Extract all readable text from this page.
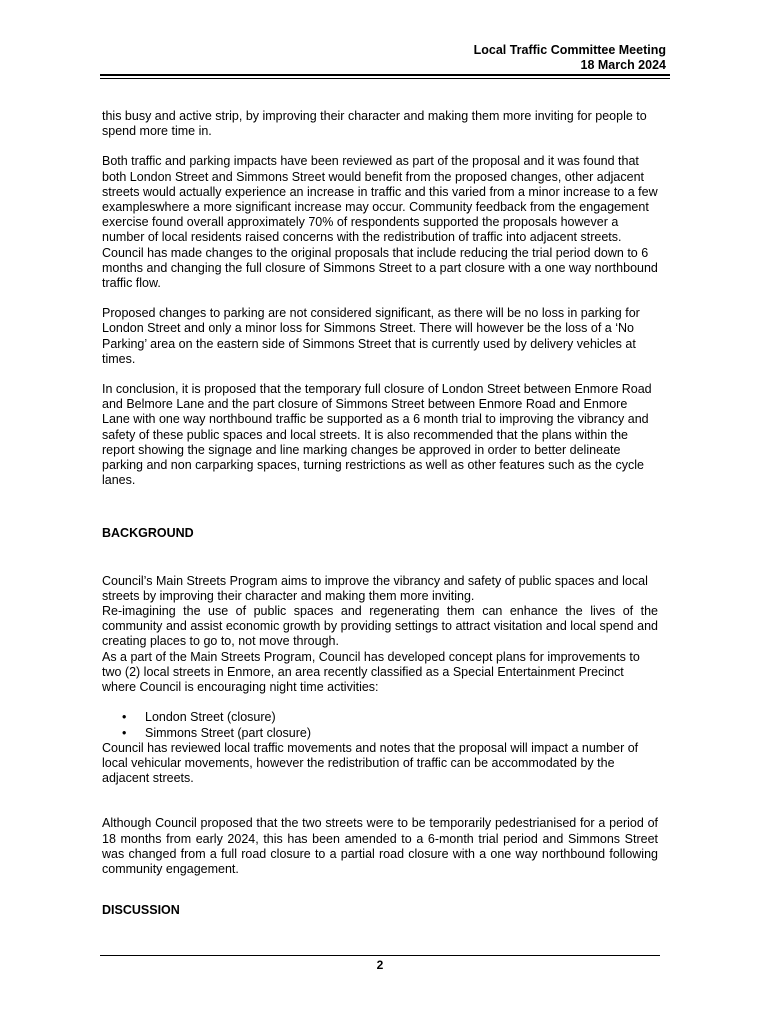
Local Traffic Committee Meeting
18 March 2024

this busy and active strip, by improving their character and making them more inviting for people to spend more time in.

Both traffic and parking impacts have been reviewed as part of the proposal and it was found that both London Street and Simmons Street would benefit from the proposed changes, other adjacent streets would actually experience an increase in traffic and this varied from a minor increase to a few exampleswhere a more significant increase may occur. Community feedback from the engagement exercise found overall approximately 70% of respondents supported the proposals however a number of local residents raised concerns with the redistribution of traffic into adjacent streets. Council has made changes to the original proposals that include reducing the trial period down to 6 months and changing the full closure of Simmons Street to a part closure with a one way northbound traffic flow.

Proposed changes to parking are not considered significant, as there will be no loss in parking for London Street and only a minor loss for Simmons Street. There will however be the loss of a ‘No Parking’ area on the eastern side of Simmons Street that is currently used by delivery vehicles at times.

In conclusion, it is proposed that the temporary full closure of London Street between Enmore Road and Belmore Lane and the part closure of Simmons Street between Enmore Road and Enmore Lane with one way northbound traffic be supported as a 6 month trial to improving the vibrancy and safety of these public spaces and local streets. It is also recommended that the plans within the report showing the signage and line marking changes be approved in order to better delineate parking and non carparking spaces, turning restrictions as well as other features such as the cycle lanes.

BACKGROUND

Council’s Main Streets Program aims to improve the vibrancy and safety of public spaces and local streets by improving their character and making them more inviting.

Re-imagining the use of public spaces and regenerating them can enhance the lives of the community and assist economic growth by providing settings to attract visitation and local spend and creating places to go to, not move through.

As a part of the Main Streets Program, Council has developed concept plans for improvements to two (2) local streets in Enmore, an area recently classified as a Special Entertainment Precinct where Council is encouraging night time activities:

• London Street (closure)
• Simmons Street (part closure)

Council has reviewed local traffic movements and notes that the proposal will impact a number of local vehicular movements, however the redistribution of traffic can be accommodated by the adjacent streets.

Although Council proposed that the two streets were to be temporarily pedestrianised for a period of 18 months from early 2024, this has been amended to a 6-month trial period and Simmons Street was changed from a full road closure to a partial road closure with a one way northbound following community engagement.

DISCUSSION
2
